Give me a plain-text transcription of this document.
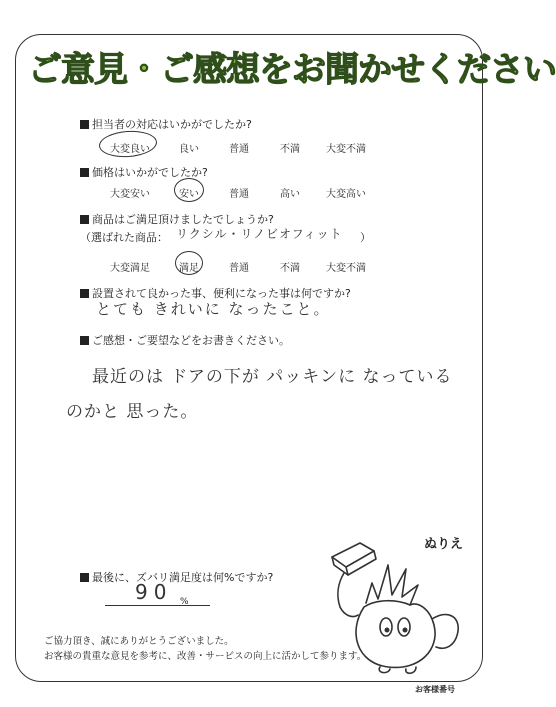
ご意見・ご感想をお聞かせください
担当者の対応はいかがでしたか?
大変良い	良い	普通	不満	大変不満
価格はいかがでしたか?
大変安い	安い	普通	高い	大変高い
商品はご満足頂けましたでしょうか?
（選ばれた商品： リクシル・リノビオフィット ）
大変満足	満足	普通	不満	大変不満
設置されて良かった事、便利になった事は何ですか?
とても きれいに なったこと。
ご感想・ご要望などをお書きください。
最近のは ドアの下が パッキンに なっている
のかと 思った。
最後に、ズバリ満足度は何%ですか?
90 %
ご協力頂き、誠にありがとうございました。
お客様の貴重な意見を参考に、改善・サービスの向上に活かして参ります。
お客様番号
ぬりえ
